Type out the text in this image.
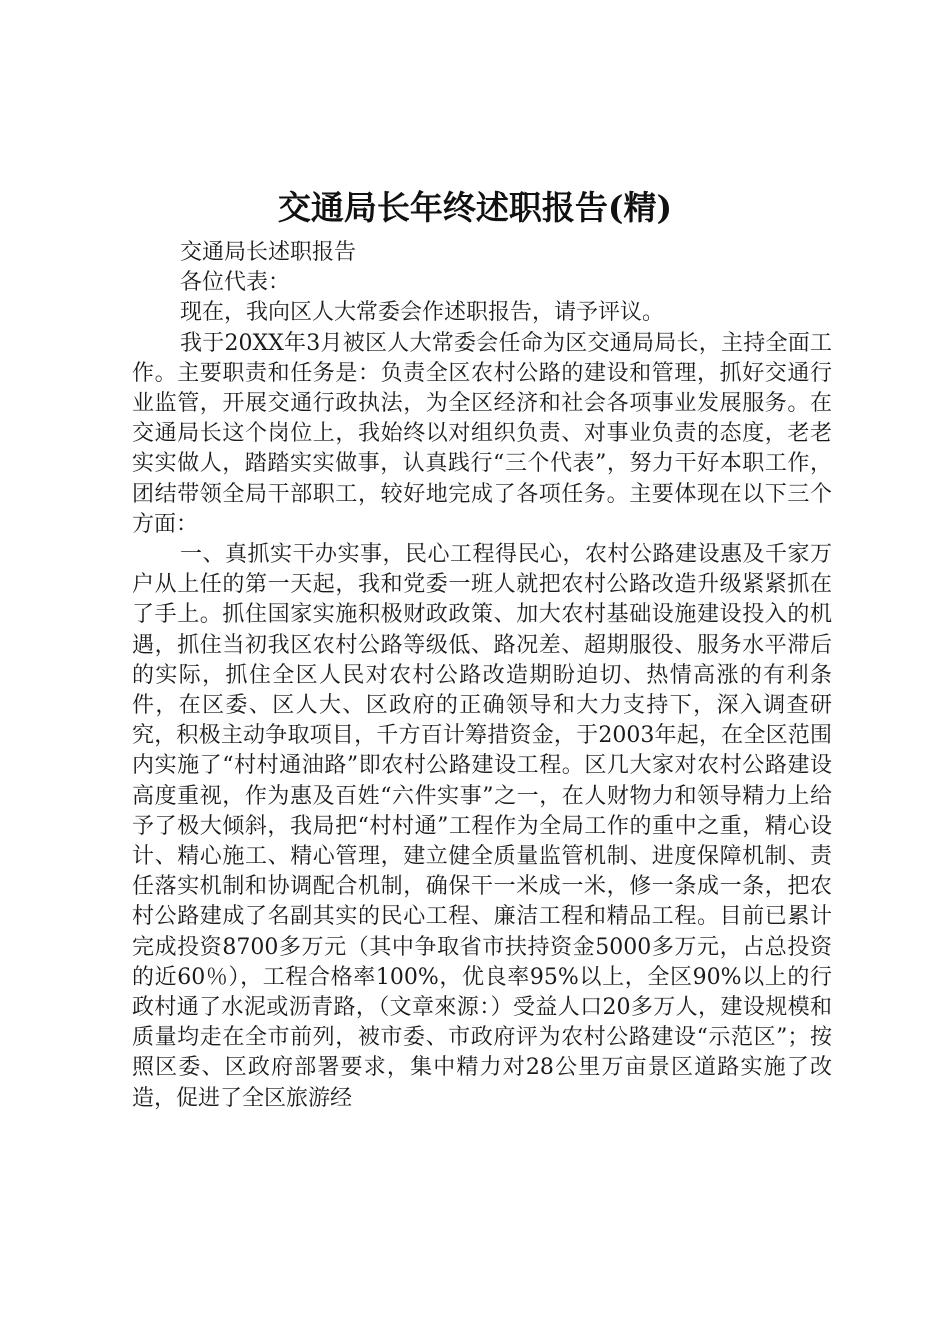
交通局长年终述职报告(精)

交通局长述职报告

各位代表：

现在，我向区人大常委会作述职报告，请予评议。

我于20XX年3月被区人大常委会任命为区交通局局长，主持全面工作。主要职责和任务是：负责全区农村公路的建设和管理，抓好交通行业监管，开展交通行政执法，为全区经济和社会各项事业发展服务。在交通局长这个岗位上，我始终以对组织负责、对事业负责的态度，老老实实做人，踏踏实实做事，认真践行“三个代表”，努力干好本职工作，团结带领全局干部职工，较好地完成了各项任务。主要体现在以下三个方面：

一、真抓实干办实事，民心工程得民心，农村公路建设惠及千家万户从上任的第一天起，我和党委一班人就把农村公路改造升级紧紧抓在了手上。抓住国家实施积极财政政策、加大农村基础设施建设投入的机遇，抓住当初我区农村公路等级低、路况差、超期服役、服务水平滞后的实际，抓住全区人民对农村公路改造期盼迫切、热情高涨的有利条件，在区委、区人大、区政府的正确领导和大力支持下，深入调查研究，积极主动争取项目，千方百计筹措资金，于2003年起，在全区范围内实施了“村村通油路”即农村公路建设工程。区几大家对农村公路建设高度重视，作为惠及百姓“六件实事”之一，在人财物力和领导精力上给予了极大倾斜，我局把“村村通”工程作为全局工作的重中之重，精心设计、精心施工、精心管理，建立健全质量监管机制、进度保障机制、责任落实机制和协调配合机制，确保干一米成一米，修一条成一条，把农村公路建成了名副其实的民心工程、廉洁工程和精品工程。目前已累计完成投资8700多万元（其中争取省市扶持资金5000多万元，占总投资的近60％），工程合格率100%，优良率95%以上，全区90%以上的行政村通了水泥或沥青路，（文章來源：）受益人口20多万人，建设规模和质量均走在全市前列，被市委、市政府评为农村公路建设“示范区”；按照区委、区政府部署要求，集中精力对28公里万亩景区道路实施了改造，促进了全区旅游经
